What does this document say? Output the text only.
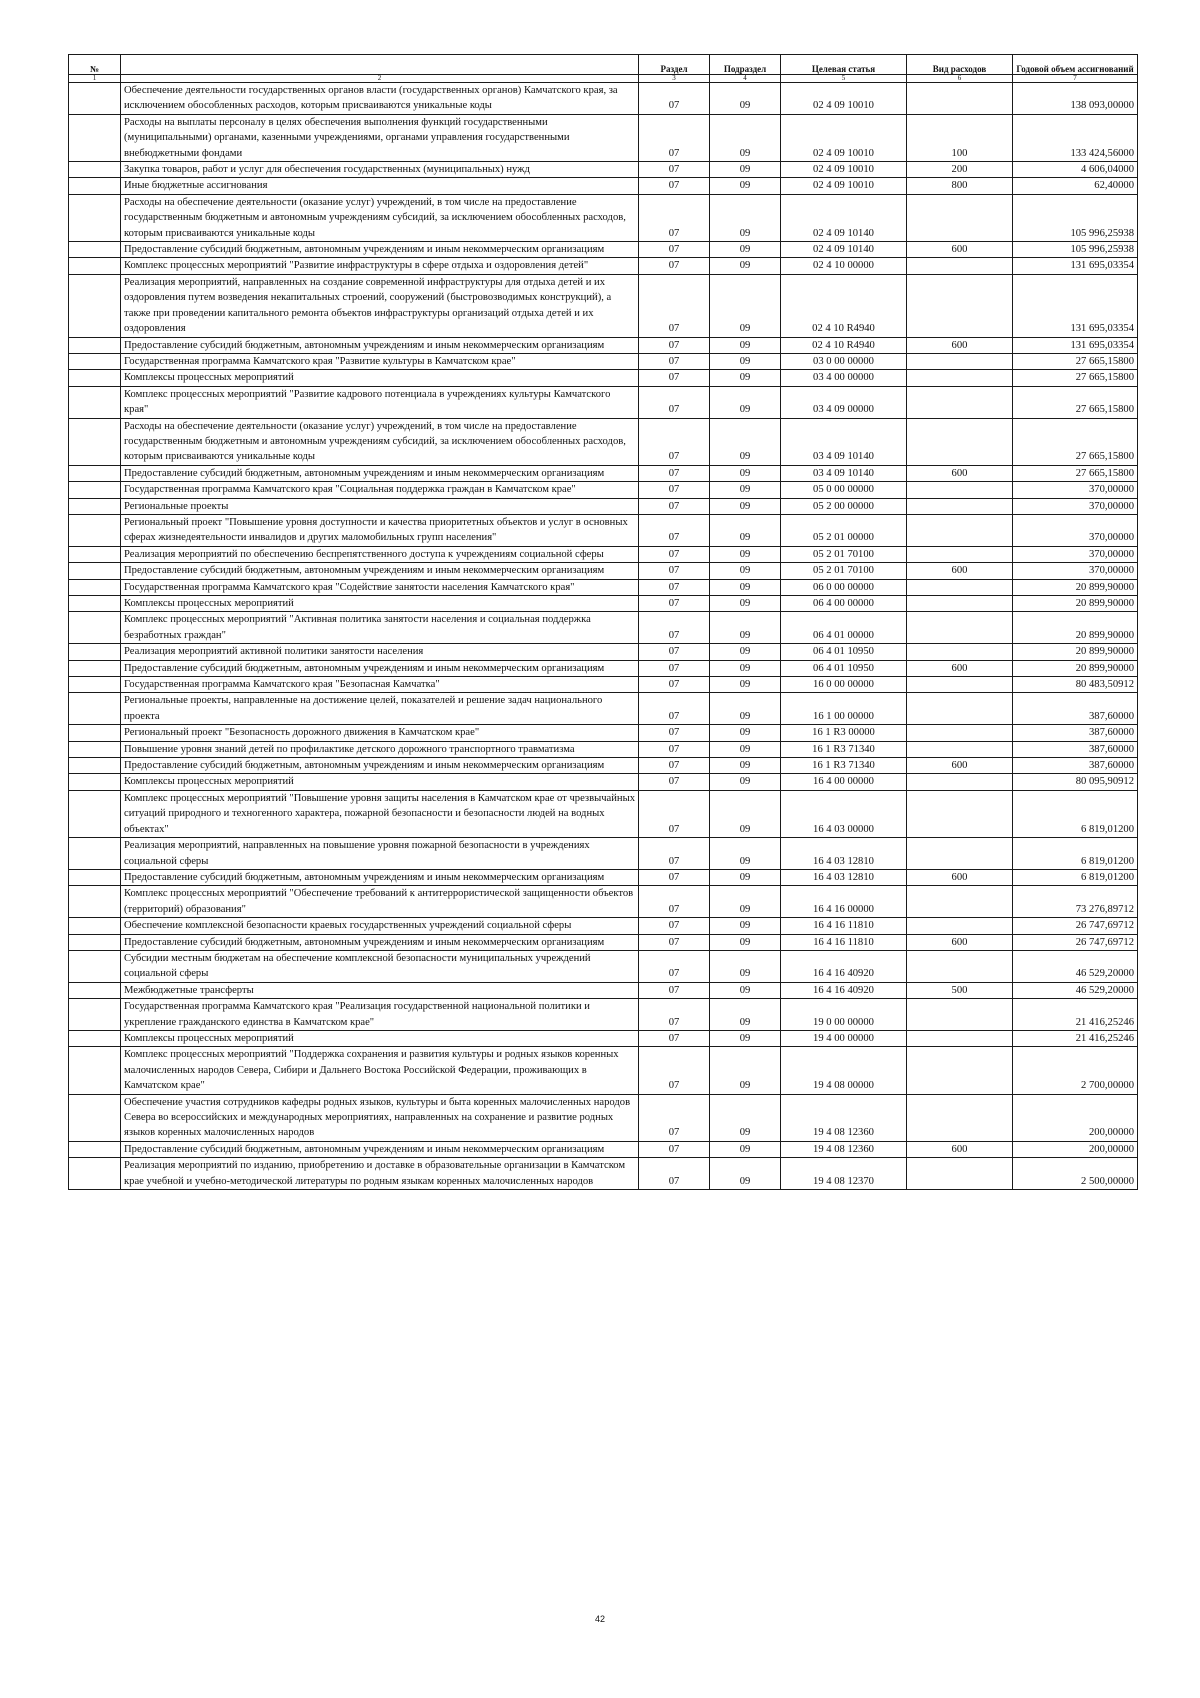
№		Раздел	Подраздел	Целевая статья	Вид расходов	Годовой объем ассигнований
1	2	3	4	5	6	7
	Обеспечение деятельности государственных органов власти (государственных органов) Камчатского края, за исключением обособленных расходов, которым присваиваются уникальные коды	07	09	02 4 09 10010		138 093,00000
	Расходы на выплаты персоналу в целях обеспечения выполнения функций государственными (муниципальными) органами, казенными учреждениями, органами управления государственными внебюджетными фондами	07	09	02 4 09 10010	100	133 424,56000
	Закупка товаров, работ и услуг для обеспечения государственных (муниципальных) нужд	07	09	02 4 09 10010	200	4 606,04000
	Иные бюджетные ассигнования	07	09	02 4 09 10010	800	62,40000
	Расходы на обеспечение деятельности (оказание услуг) учреждений, в том числе на предоставление государственным бюджетным и автономным учреждениям субсидий, за исключением обособленных расходов, которым присваиваются уникальные коды	07	09	02 4 09 10140		105 996,25938
	Предоставление субсидий бюджетным, автономным учреждениям и иным некоммерческим организациям	07	09	02 4 09 10140	600	105 996,25938
	Комплекс процессных мероприятий "Развитие инфраструктуры в сфере отдыха и оздоровления детей"	07	09	02 4 10 00000		131 695,03354
	Реализация мероприятий, направленных на создание современной инфраструктуры для отдыха детей и их оздоровления путем возведения некапитальных строений, сооружений (быстровозводимых конструкций), а также при проведении капитального ремонта объектов инфраструктуры организаций отдыха детей и их оздоровления	07	09	02 4 10 R4940		131 695,03354
	Предоставление субсидий бюджетным, автономным учреждениям и иным некоммерческим организациям	07	09	02 4 10 R4940	600	131 695,03354
	Государственная программа Камчатского края "Развитие культуры в Камчатском крае"	07	09	03 0 00 00000		27 665,15800
	Комплексы процессных мероприятий	07	09	03 4 00 00000		27 665,15800
	Комплекс процессных мероприятий "Развитие кадрового потенциала в учреждениях культуры Камчатского края"	07	09	03 4 09 00000		27 665,15800
	Расходы на обеспечение деятельности (оказание услуг) учреждений, в том числе на предоставление государственным бюджетным и автономным учреждениям субсидий, за исключением обособленных расходов, которым присваиваются уникальные коды	07	09	03 4 09 10140		27 665,15800
	Предоставление субсидий бюджетным, автономным учреждениям и иным некоммерческим организациям	07	09	03 4 09 10140	600	27 665,15800
	Государственная программа Камчатского края "Социальная поддержка граждан в Камчатском крае"	07	09	05 0 00 00000		370,00000
	Региональные проекты	07	09	05 2 00 00000		370,00000
	Региональный проект "Повышение уровня доступности и качества приоритетных объектов и услуг в основных сферах жизнедеятельности инвалидов и других маломобильных групп населения"	07	09	05 2 01 00000		370,00000
	Реализация мероприятий по обеспечению беспрепятственного доступа к учреждениям социальной сферы	07	09	05 2 01 70100		370,00000
	Предоставление субсидий бюджетным, автономным учреждениям и иным некоммерческим организациям	07	09	05 2 01 70100	600	370,00000
	Государственная программа Камчатского края "Содействие занятости населения Камчатского края"	07	09	06 0 00 00000		20 899,90000
	Комплексы процессных мероприятий	07	09	06 4 00 00000		20 899,90000
	Комплекс процессных мероприятий "Активная политика занятости населения и социальная поддержка безработных граждан"	07	09	06 4 01 00000		20 899,90000
	Реализация мероприятий активной политики занятости населения	07	09	06 4 01 10950		20 899,90000
	Предоставление субсидий бюджетным, автономным учреждениям и иным некоммерческим организациям	07	09	06 4 01 10950	600	20 899,90000
	Государственная программа Камчатского края "Безопасная Камчатка"	07	09	16 0 00 00000		80 483,50912
	Региональные проекты, направленные на достижение целей, показателей и решение задач национального проекта	07	09	16 1 00 00000		387,60000
	Региональный проект "Безопасность дорожного движения в Камчатском крае"	07	09	16 1 R3 00000		387,60000
	Повышение уровня знаний детей по профилактике детского дорожного транспортного травматизма	07	09	16 1 R3 71340		387,60000
	Предоставление субсидий бюджетным, автономным учреждениям и иным некоммерческим организациям	07	09	16 1 R3 71340	600	387,60000
	Комплексы процессных мероприятий	07	09	16 4 00 00000		80 095,90912
	Комплекс процессных мероприятий "Повышение уровня защиты населения в Камчатском крае от чрезвычайных ситуаций природного и техногенного характера, пожарной безопасности и безопасности людей на водных объектах"	07	09	16 4 03 00000		6 819,01200
	Реализация мероприятий, направленных на повышение уровня пожарной безопасности в учреждениях социальной сферы	07	09	16 4 03 12810		6 819,01200
	Предоставление субсидий бюджетным, автономным учреждениям и иным некоммерческим организациям	07	09	16 4 03 12810	600	6 819,01200
	Комплекс процессных мероприятий "Обеспечение требований к антитеррористической защищенности объектов (территорий) образования"	07	09	16 4 16 00000		73 276,89712
	Обеспечение комплексной безопасности краевых государственных учреждений социальной сферы	07	09	16 4 16 11810		26 747,69712
	Предоставление субсидий бюджетным, автономным учреждениям и иным некоммерческим организациям	07	09	16 4 16 11810	600	26 747,69712
	Субсидии местным бюджетам на обеспечение комплексной безопасности муниципальных учреждений социальной сферы	07	09	16 4 16 40920		46 529,20000
	Межбюджетные трансферты	07	09	16 4 16 40920	500	46 529,20000
	Государственная программа Камчатского края "Реализация государственной национальной политики и укрепление гражданского единства в Камчатском крае"	07	09	19 0 00 00000		21 416,25246
	Комплексы процессных мероприятий	07	09	19 4 00 00000		21 416,25246
	Комплекс процессных мероприятий "Поддержка сохранения и развития культуры и родных языков коренных малочисленных народов Севера, Сибири и Дальнего Востока Российской Федерации, проживающих в Камчатском крае"	07	09	19 4 08 00000		2 700,00000
	Обеспечение участия сотрудников кафедры родных языков, культуры и быта коренных малочисленных народов Севера во всероссийских и международных мероприятиях, направленных на сохранение и развитие родных языков коренных малочисленных народов	07	09	19 4 08 12360		200,00000
	Предоставление субсидий бюджетным, автономным учреждениям и иным некоммерческим организациям	07	09	19 4 08 12360	600	200,00000
	Реализация мероприятий по изданию, приобретению и доставке в образовательные организации в Камчатском крае учебной и учебно-методической литературы по родным языкам коренных малочисленных народов	07	09	19 4 08 12370		2 500,00000
42
